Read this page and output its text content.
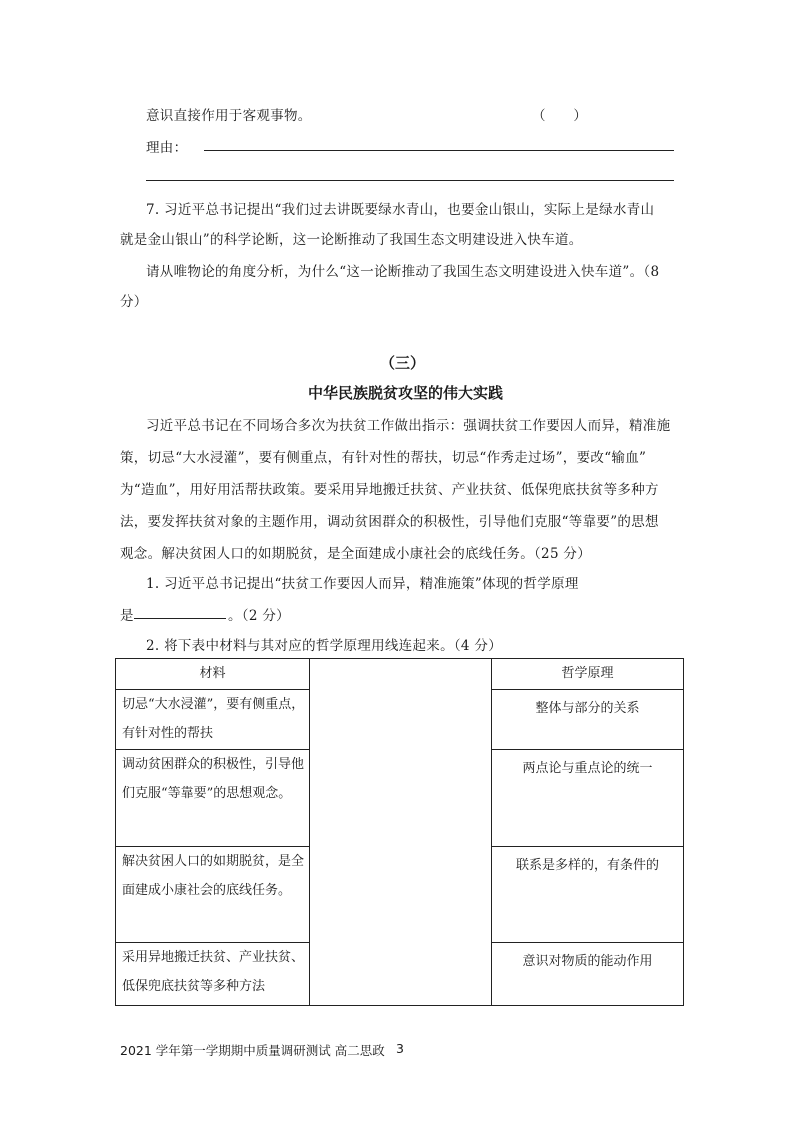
意识直接作用于客观事物。	（　　）
理由：
7. 习近平总书记提出“我们过去讲既要绿水青山，也要金山银山，实际上是绿水青山
就是金山银山”的科学论断，这一论断推动了我国生态文明建设进入快车道。
请从唯物论的角度分析，为什么“这一论断推动了我国生态文明建设进入快车道”。（8
分）
（三）
中华民族脱贫攻坚的伟大实践
习近平总书记在不同场合多次为扶贫工作做出指示：强调扶贫工作要因人而异，精准施
策，切忌“大水浸灌”，要有侧重点，有针对性的帮扶，切忌“作秀走过场”，要改“输血”
为“造血”，用好用活帮扶政策。要采用异地搬迁扶贫、产业扶贫、低保兜底扶贫等多种方
法，要发挥扶贫对象的主题作用，调动贫困群众的积极性，引导他们克服“等靠要”的思想
观念。解决贫困人口的如期脱贫，是全面建成小康社会的底线任务。（25 分）
1. 习近平总书记提出“扶贫工作要因人而异，精准施策”体现的哲学原理
是	。（2 分）
2. 将下表中材料与其对应的哲学原理用线连起来。（4 分）
材料		哲学原理
切忌“大水浸灌”，要有侧重点，有针对性的帮扶		整体与部分的关系
调动贫困群众的积极性，引导他们克服“等靠要”的思想观念。		两点论与重点论的统一
解决贫困人口的如期脱贫，是全面建成小康社会的底线任务。		联系是多样的，有条件的
采用异地搬迁扶贫、产业扶贫、低保兜底扶贫等多种方法		意识对物质的能动作用
2021 学年第一学期期中质量调研测试 高二思政 3
